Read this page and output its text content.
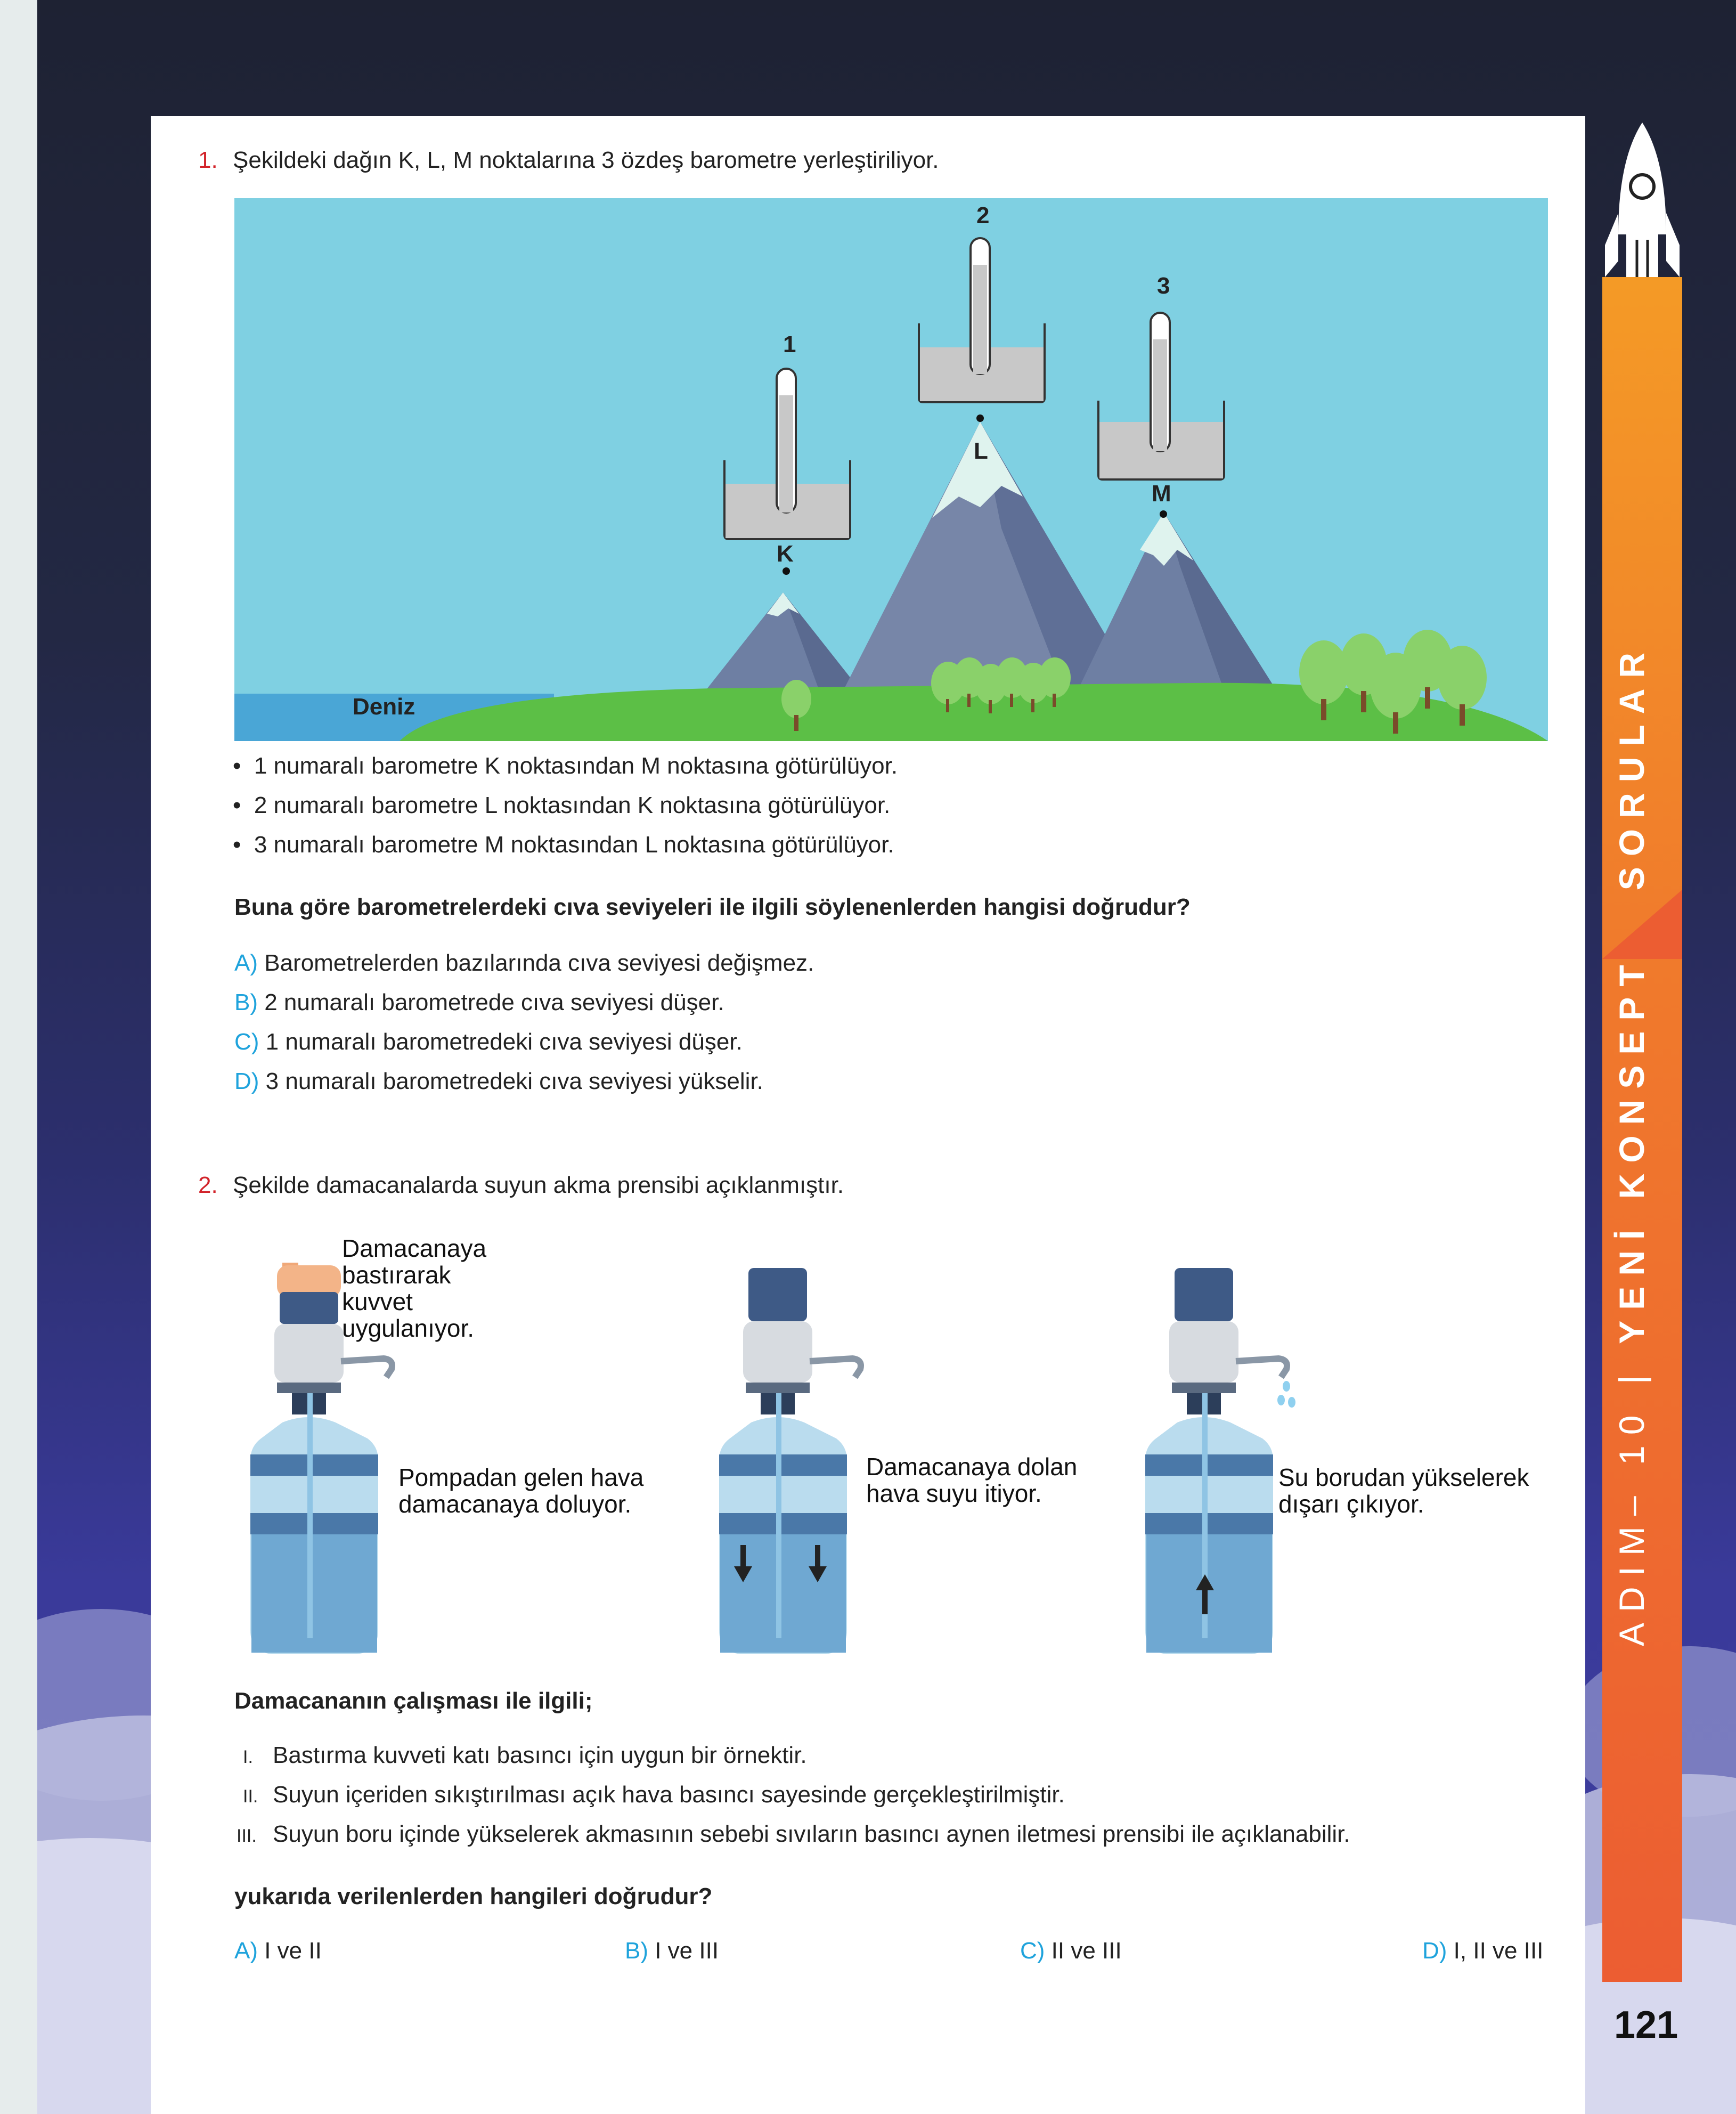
1. Şekildeki dağın K, L, M noktalarına 3 özdeş barometre yerleştiriliyor.
1
2
3
K
L
M
Deniz
•  1 numaralı barometre K noktasından M noktasına götürülüyor.
•  2 numaralı barometre L noktasından K noktasına götürülüyor.
•  3 numaralı barometre M noktasından L noktasına götürülüyor.
Buna göre barometrelerdeki cıva seviyeleri ile ilgili söylenenlerden hangisi doğrudur?
A) Barometrelerden bazılarında cıva seviyesi değişmez.
B) 2 numaralı barometrede cıva seviyesi düşer.
C) 1 numaralı barometredeki cıva seviyesi düşer.
D) 3 numaralı barometredeki cıva seviyesi yükselir.
2. Şekilde damacanalarda suyun akma prensibi açıklanmıştır.
Damacanaya
bastırarak
kuvvet
uygulanıyor.
Pompadan gelen hava
damacanaya doluyor.
Damacanaya dolan
hava suyu itiyor.
Su borudan yükselerek
dışarı çıkıyor.
Damacananın çalışması ile ilgili;
I. Bastırma kuvveti katı basıncı için uygun bir örnektir.
II. Suyun içeriden sıkıştırılması açık hava basıncı sayesinde gerçekleştirilmiştir.
III. Suyun boru içinde yükselerek akmasının sebebi sıvıların basıncı aynen iletmesi prensibi ile açıklanabilir.
yukarıda verilenlerden hangileri doğrudur?
A) I ve II	B) I ve III	C) II ve III	D) I, II ve III
ADIM– 10 | YENİ KONSEPTSORULAR
121
